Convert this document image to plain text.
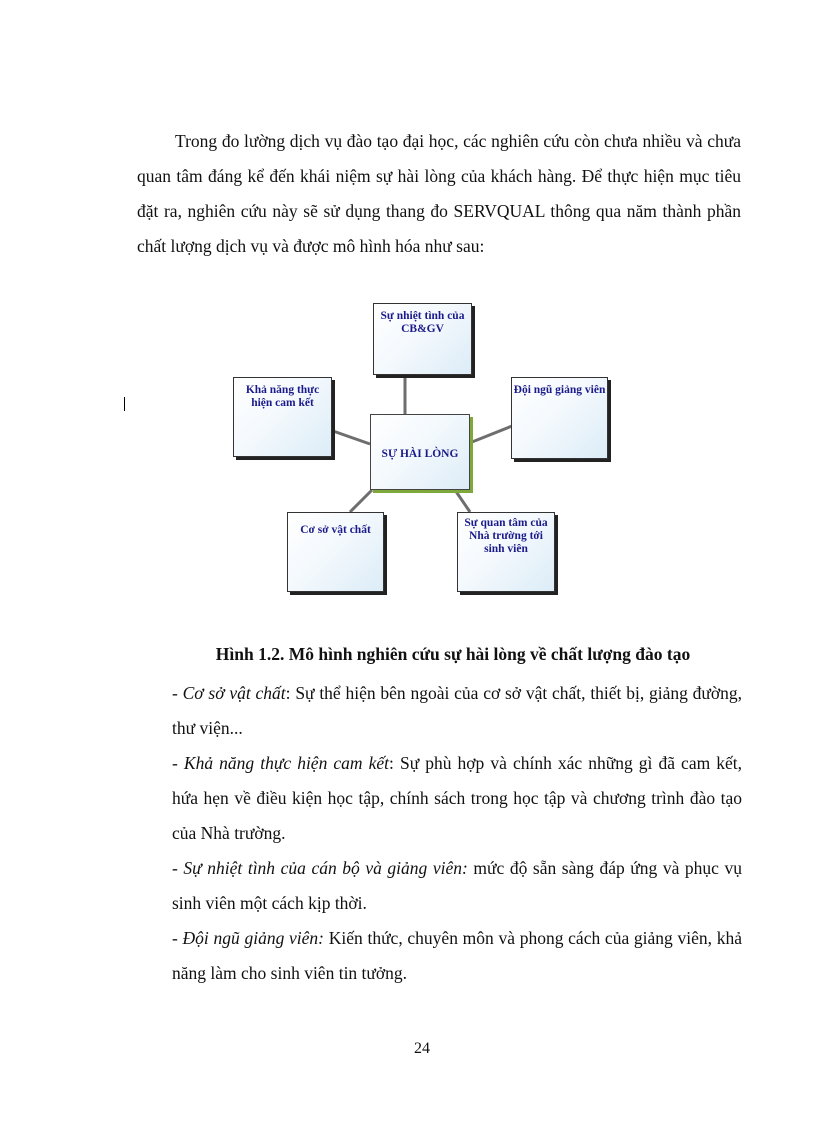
Trong đo lường dịch vụ đào tạo đại học, các nghiên cứu còn chưa nhiều và chưa quan tâm đáng kể đến khái niệm sự hài lòng của khách hàng. Để thực hiện mục tiêu đặt ra, nghiên cứu này sẽ sử dụng thang đo SERVQUAL thông qua năm thành phần chất lượng dịch vụ và được mô hình hóa như sau:
Sự nhiệt tình của CB&GV
Khả năng thực hiện cam kết
Đội ngũ giảng viên
SỰ HÀI LÒNG
Cơ sở vật chất
Sự quan tâm của Nhà trường tới sinh viên
Hình 1.2. Mô hình nghiên cứu sự hài lòng về chất lượng đào tạo

- Cơ sở vật chất: Sự thể hiện bên ngoài của cơ sở vật chất, thiết bị, giảng đường, thư viện...

- Khả năng thực hiện cam kết: Sự phù hợp và chính xác những gì đã cam kết, hứa hẹn về điều kiện học tập, chính sách trong học tập và chương trình đào tạo của Nhà trường.

- Sự nhiệt tình của cán bộ và giảng viên: mức độ sẵn sàng đáp ứng và phục vụ sinh viên một cách kịp thời.

- Đội ngũ giảng viên: Kiến thức, chuyên môn và phong cách của giảng viên, khả năng làm cho sinh viên tin tưởng.

24
